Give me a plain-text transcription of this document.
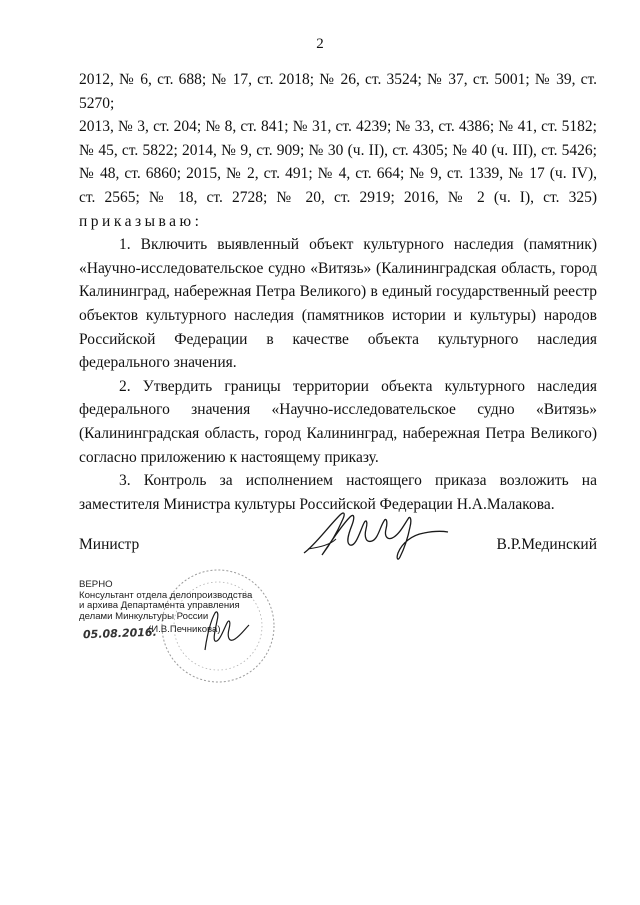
2

2012, № 6, ст. 688; № 17, ст. 2018; № 26, ст. 3524; № 37, ст. 5001; № 39, ст. 5270;

2013, № 3, ст. 204; № 8, ст. 841; № 31, ст. 4239; № 33, ст. 4386; № 41, ст. 5182;

№ 45, ст. 5822; 2014, № 9, ст. 909; № 30 (ч. II), ст. 4305; № 40 (ч. III), ст. 5426;

№ 48, ст. 6860; 2015, № 2, ст. 491; № 4, ст. 664; № 9, ст. 1339, № 17 (ч. IV),

ст. 2565; № 18, ст. 2728; № 20, ст. 2919; 2016, № 2 (ч. I), ст. 325)

приказываю:

1. Включить выявленный объект культурного наследия (памятник) «Научно-исследовательское судно «Витязь» (Калининградская область, город Калининград, набережная Петра Великого) в единый государственный реестр объектов культурного наследия (памятников истории и культуры) народов Российской Федерации в качестве объекта культурного наследия федерального значения.

2. Утвердить границы территории объекта культурного наследия федерального значения «Научно-исследовательское судно «Витязь» (Калининградская область, город Калининград, набережная Петра Великого) согласно приложению к настоящему приказу.

3. Контроль за исполнением настоящего приказа возложить на заместителя Министра культуры Российской Федерации Н.А.Малакова.

Министр	В.Р.Мединский
ВЕРНО
Консультант отдела делопроизводства
и архива Департамента управления
делами Минкультуры России
05.08.2016.
(И.В.Печникова)
